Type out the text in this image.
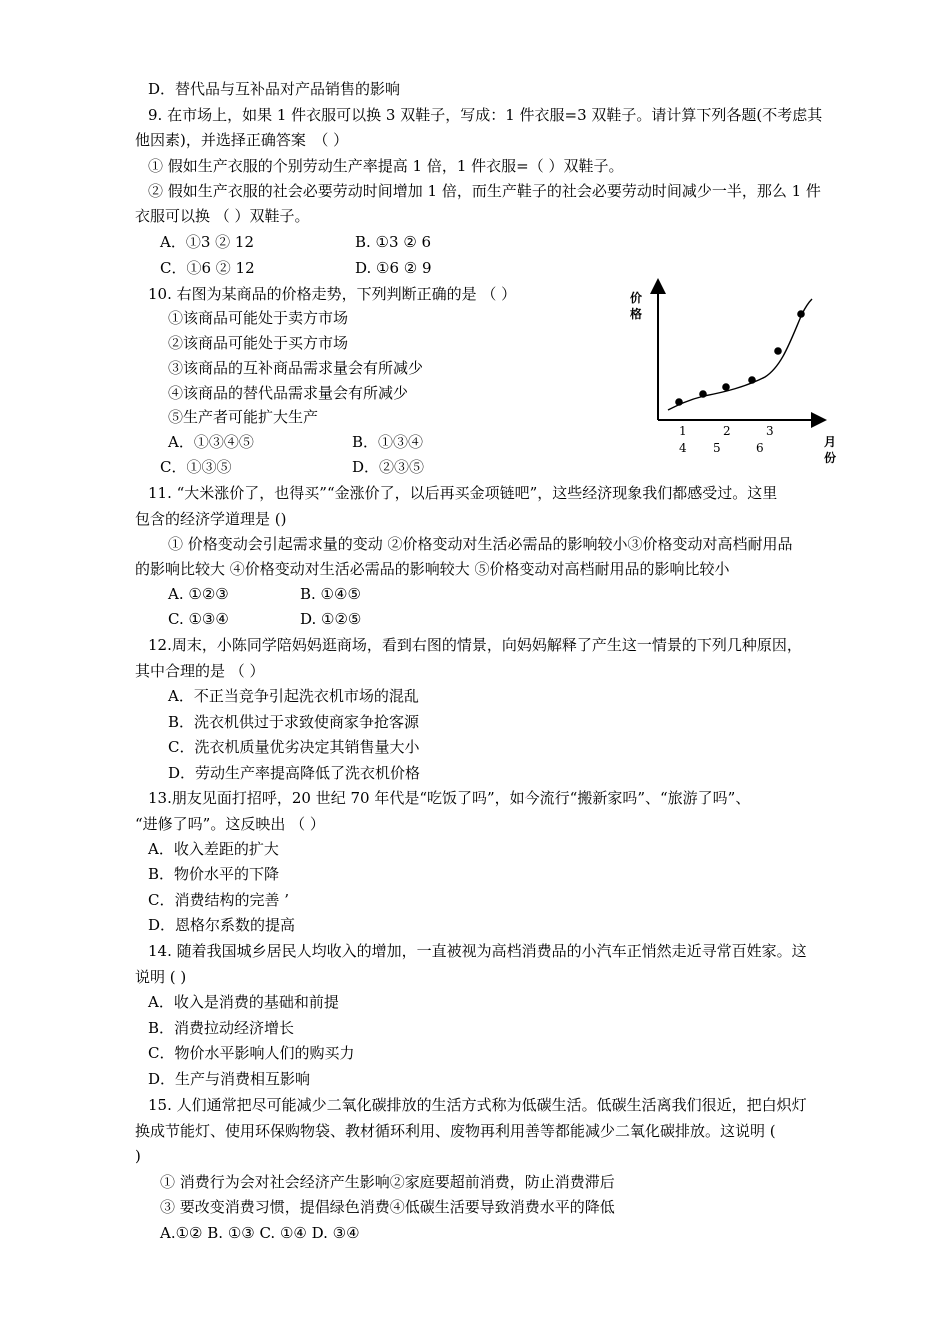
D．替代品与互补品对产品销售的影响
9. 在市场上，如果 1 件衣服可以换 3 双鞋子，写成：1 件衣服=3 双鞋子。请计算下列各题(不考虑其
他因素)，并选择正确答案　（ ）
① 假如生产衣服的个别劳动生产率提高 1 倍，1 件衣服=（ ）双鞋子。
② 假如生产衣服的社会必要劳动时间增加 1 倍，而生产鞋子的社会必要劳动时间减少一半，那么 1 件
衣服可以换 （ ）双鞋子。
A．①3 ② 12	B. ①3 ② 6
C．①6 ② 12	D. ①6 ② 9
10. 右图为某商品的价格走势，下列判断正确的是 （ ）
①该商品可能处于卖方市场
②该商品可能处于买方市场
③该商品的互补商品需求量会有所减少
④该商品的替代品需求量会有所减少
⑤生产者可能扩大生产
A．①③④⑤	B．①③④
C．①③⑤	D．②③⑤
价
格
月
份
1	2	3
4 5	6
11. “大米涨价了，也得买”“金涨价了，以后再买金项链吧”，这些经济现象我们都感受过。这里
包含的经济学道理是 ()
① 价格变动会引起需求量的变动 ②价格变动对生活必需品的影响较小③价格变动对高档耐用品
的影响比较大 ④价格变动对生活必需品的影响较大 ⑤价格变动对高档耐用品的影响比较小
A. ①②③	B. ①④⑤
C. ①③④	D. ①②⑤
12.周末，小陈同学陪妈妈逛商场，看到右图的情景，向妈妈解释了产生这一情景的下列几种原因，
其中合理的是 （ ）
A．不正当竞争引起洗衣机市场的混乱
B．洗衣机供过于求致使商家争抢客源
C．洗衣机质量优劣决定其销售量大小
D．劳动生产率提高降低了洗衣机价格
13.朋友见面打招呼，20 世纪 70 年代是“吃饭了吗”，如今流行“搬新家吗”、“旅游了吗”、
“进修了吗”。这反映出 （ ）
A．收入差距的扩大
B．物价水平的下降
C．消费结构的完善 ’
D．恩格尔系数的提高
14. 随着我国城乡居民人均收入的增加，一直被视为高档消费品的小汽车正悄然走近寻常百姓家。这
说明 ( )
A．收入是消费的基础和前提
B．消费拉动经济增长
C．物价水平影响人们的购买力
D．生产与消费相互影响
15. 人们通常把尽可能减少二氧化碳排放的生活方式称为低碳生活。低碳生活离我们很近，把白炽灯
换成节能灯、使用环保购物袋、教材循环利用、废物再利用善等都能减少二氧化碳排放。这说明 (
)
① 消费行为会对社会经济产生影响②家庭要超前消费，防止消费滞后
③ 要改变消费习惯，提倡绿色消费④低碳生活要导致消费水平的降低
A.①② B. ①③ C. ①④ D. ③④
